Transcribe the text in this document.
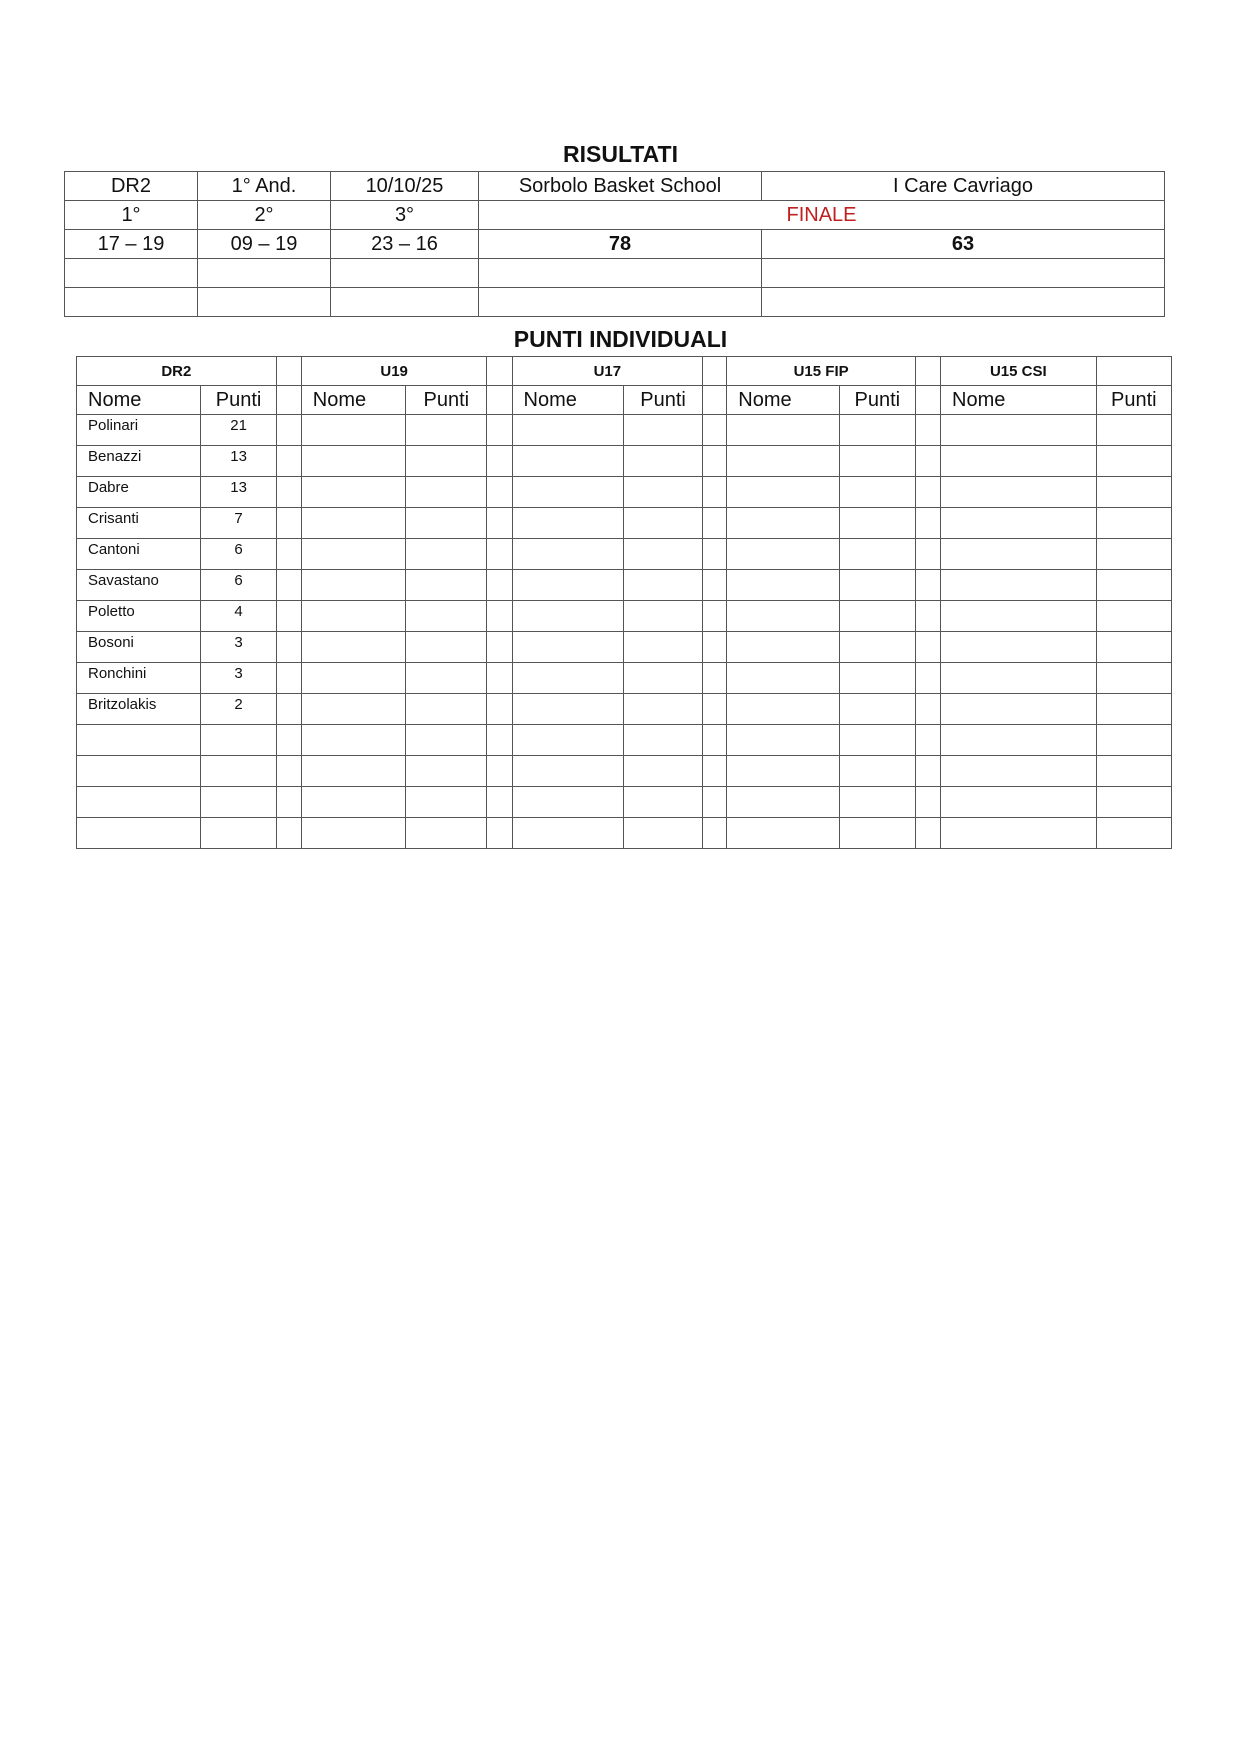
RISULTATI
DR2	1° And.	10/10/25	Sorbolo Basket School	I Care Cavriago
1°	2°	3°	FINALE	
17 – 19	09 – 19	23 – 16	78	63

PUNTI INDIVIDUALI
DR2			U19			U17			U15 FIP			U15 CSI	
Nome	Punti		Nome	Punti		Nome	Punti		Nome	Punti		Nome	Punti
Polinari	21												
Benazzi	13												
Dabre	13												
Crisanti	7												
Cantoni	6												
Savastano	6												
Poletto	4												
Bosoni	3												
Ronchini	3												
Britzolakis	2												
